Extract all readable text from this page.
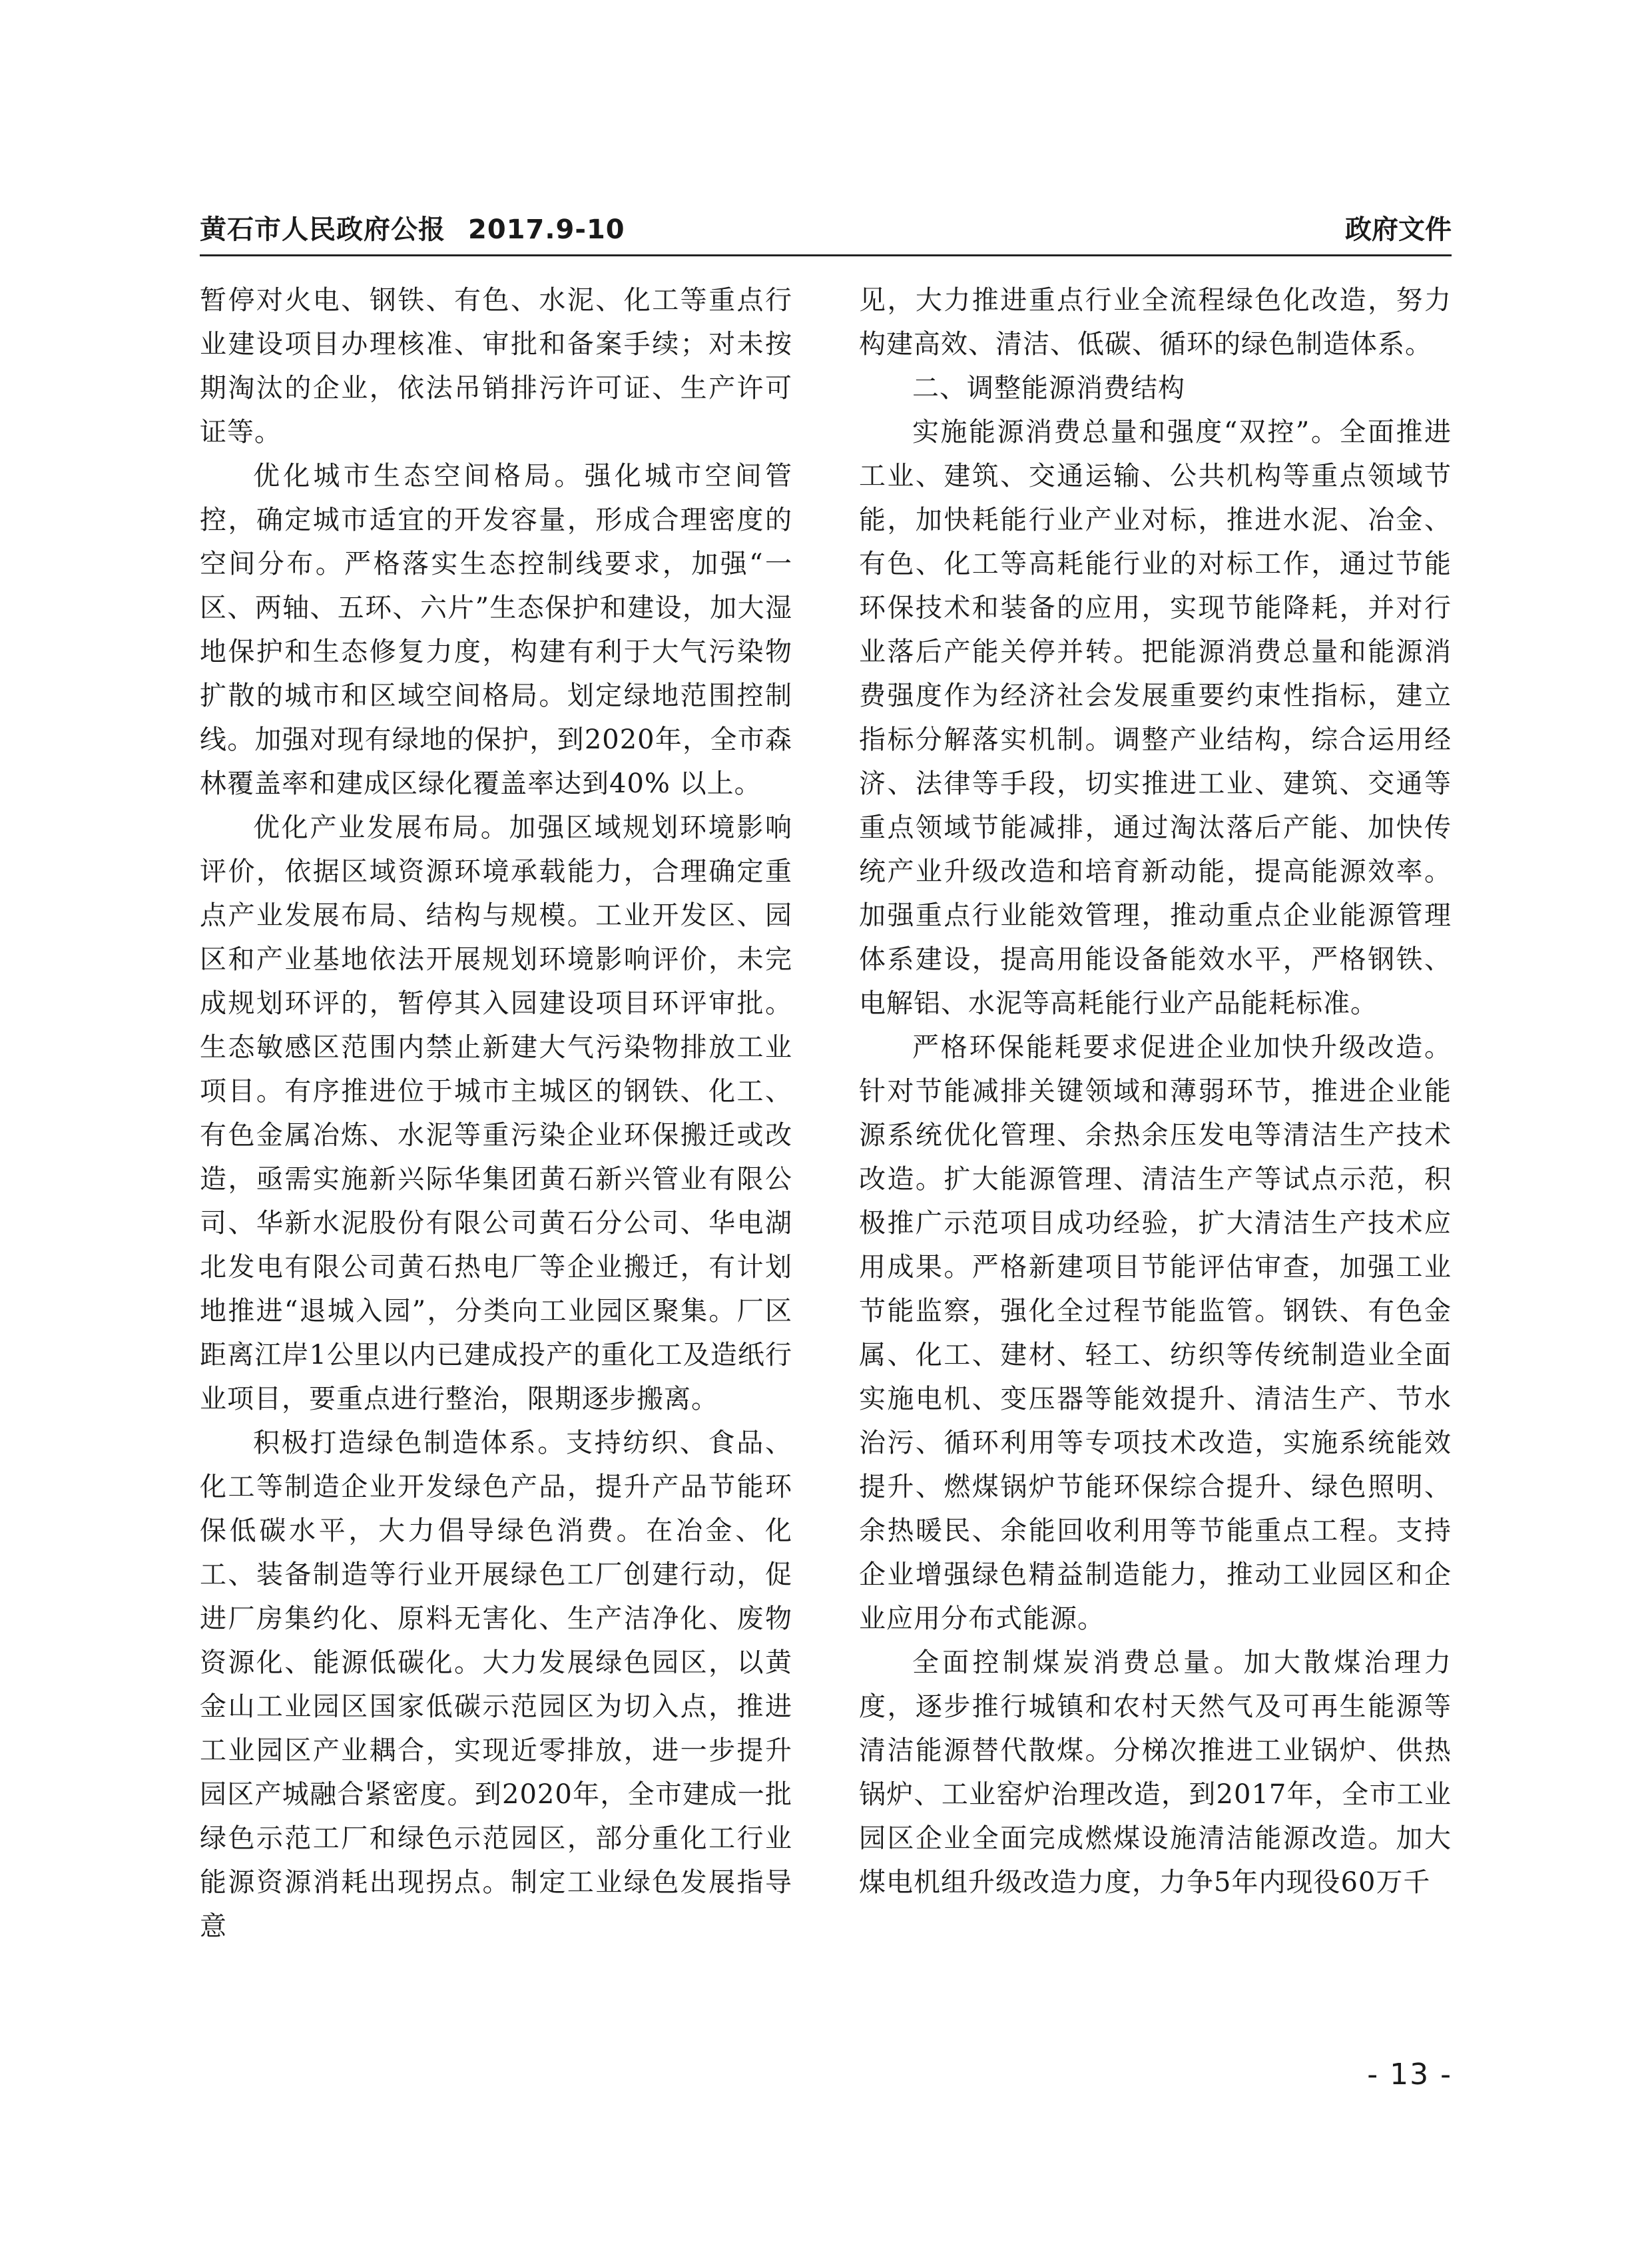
黄石市人民政府公报 2017.9-10	政府文件

暂停对火电、钢铁、有色、水泥、化工等重点行业建设项目办理核准、审批和备案手续；对未按期淘汰的企业，依法吊销排污许可证、生产许可证等。

优化城市生态空间格局。强化城市空间管控，确定城市适宜的开发容量，形成合理密度的空间分布。严格落实生态控制线要求，加强“一区、两轴、五环、六片”生态保护和建设，加大湿地保护和生态修复力度，构建有利于大气污染物扩散的城市和区域空间格局。划定绿地范围控制线。加强对现有绿地的保护，到2020年，全市森林覆盖率和建成区绿化覆盖率达到40% 以上。

优化产业发展布局。加强区域规划环境影响评价，依据区域资源环境承载能力，合理确定重点产业发展布局、结构与规模。工业开发区、园区和产业基地依法开展规划环境影响评价，未完成规划环评的，暂停其入园建设项目环评审批。生态敏感区范围内禁止新建大气污染物排放工业项目。有序推进位于城市主城区的钢铁、化工、有色金属冶炼、水泥等重污染企业环保搬迁或改造，亟需实施新兴际华集团黄石新兴管业有限公司、华新水泥股份有限公司黄石分公司、华电湖北发电有限公司黄石热电厂等企业搬迁，有计划地推进“退城入园”，分类向工业园区聚集。厂区距离江岸1公里以内已建成投产的重化工及造纸行业项目，要重点进行整治，限期逐步搬离。

积极打造绿色制造体系。支持纺织、食品、化工等制造企业开发绿色产品，提升产品节能环保低碳水平，大力倡导绿色消费。在冶金、化工、装备制造等行业开展绿色工厂创建行动，促进厂房集约化、原料无害化、生产洁净化、废物资源化、能源低碳化。大力发展绿色园区，以黄金山工业园区国家低碳示范园区为切入点，推进工业园区产业耦合，实现近零排放，进一步提升园区产城融合紧密度。到2020年，全市建成一批绿色示范工厂和绿色示范园区，部分重化工行业能源资源消耗出现拐点。制定工业绿色发展指导意

见，大力推进重点行业全流程绿色化改造，努力构建高效、清洁、低碳、循环的绿色制造体系。

二、调整能源消费结构

实施能源消费总量和强度“双控”。全面推进工业、建筑、交通运输、公共机构等重点领域节能，加快耗能行业产业对标，推进水泥、冶金、有色、化工等高耗能行业的对标工作，通过节能环保技术和装备的应用，实现节能降耗，并对行业落后产能关停并转。把能源消费总量和能源消费强度作为经济社会发展重要约束性指标，建立指标分解落实机制。调整产业结构，综合运用经济、法律等手段，切实推进工业、建筑、交通等重点领域节能减排，通过淘汰落后产能、加快传统产业升级改造和培育新动能，提高能源效率。加强重点行业能效管理，推动重点企业能源管理体系建设，提高用能设备能效水平，严格钢铁、电解铝、水泥等高耗能行业产品能耗标准。

严格环保能耗要求促进企业加快升级改造。针对节能减排关键领域和薄弱环节，推进企业能源系统优化管理、余热余压发电等清洁生产技术改造。扩大能源管理、清洁生产等试点示范，积极推广示范项目成功经验，扩大清洁生产技术应用成果。严格新建项目节能评估审查，加强工业节能监察，强化全过程节能监管。钢铁、有色金属、化工、建材、轻工、纺织等传统制造业全面实施电机、变压器等能效提升、清洁生产、节水治污、循环利用等专项技术改造，实施系统能效提升、燃煤锅炉节能环保综合提升、绿色照明、余热暖民、余能回收利用等节能重点工程。支持企业增强绿色精益制造能力，推动工业园区和企业应用分布式能源。

全面控制煤炭消费总量。加大散煤治理力度，逐步推行城镇和农村天然气及可再生能源等清洁能源替代散煤。分梯次推进工业锅炉、供热锅炉、工业窑炉治理改造，到2017年，全市工业园区企业全面完成燃煤设施清洁能源改造。加大煤电机组升级改造力度，力争5年内现役60万千

- 13 -
